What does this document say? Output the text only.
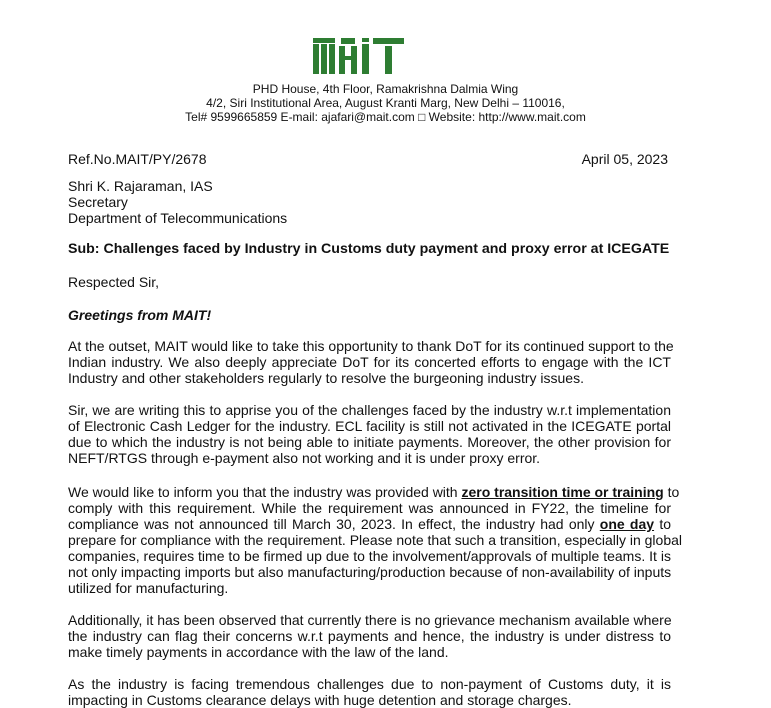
PHD House, 4th Floor, Ramakrishna Dalmia Wing
4/2, Siri Institutional Area, August Kranti Marg, New Delhi – 110016,
Tel# 9599665859 E-mail: ajafari@mait.com □ Website: http://www.mait.com
Ref.No.MAIT/PY/2678	April 05, 2023
Shri K. Rajaraman, IAS
Secretary
Department of Telecommunications
Sub: Challenges faced by Industry in Customs duty payment and proxy error at ICEGATE
Respected Sir,
Greetings from MAIT!
At the outset, MAIT would like to take this opportunity to thank DoT for its continued support to the
Indian industry. We also deeply appreciate DoT for its concerted efforts to engage with the ICT
Industry and other stakeholders regularly to resolve the burgeoning industry issues.
Sir, we are writing this to apprise you of the challenges faced by the industry w.r.t implementation
of Electronic Cash Ledger for the industry. ECL facility is still not activated in the ICEGATE portal
due to which the industry is not being able to initiate payments. Moreover, the other provision for
NEFT/RTGS through e-payment also not working and it is under proxy error.
We would like to inform you that the industry was provided with zero transition time or training to
comply with this requirement. While the requirement was announced in FY22, the timeline for
compliance was not announced till March 30, 2023. In effect, the industry had only one day to
prepare for compliance with the requirement. Please note that such a transition, especially in global
companies, requires time to be firmed up due to the involvement/approvals of multiple teams. It is
not only impacting imports but also manufacturing/production because of non-availability of inputs
utilized for manufacturing.
Additionally, it has been observed that currently there is no grievance mechanism available where
the industry can flag their concerns w.r.t payments and hence, the industry is under distress to
make timely payments in accordance with the law of the land.
As the industry is facing tremendous challenges due to non-payment of Customs duty, it is
impacting in Customs clearance delays with huge detention and storage charges.
